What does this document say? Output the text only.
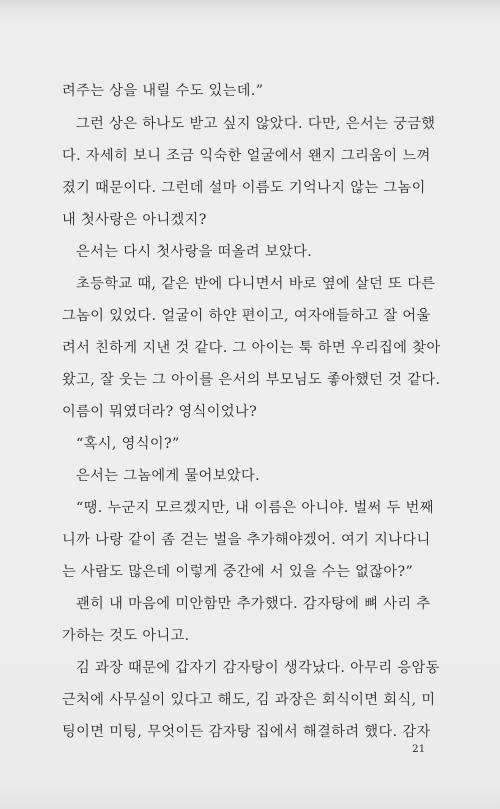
려주는 상을 내릴 수도 있는데.”
그런 상은 하나도 받고 싶지 않았다. 다만, 은서는 궁금했
다. 자세히 보니 조금 익숙한 얼굴에서 왠지 그리움이 느껴
졌기 때문이다. 그런데 설마 이름도 기억나지 않는 그놈이
내 첫사랑은 아니겠지?
은서는 다시 첫사랑을 떠올려 보았다.
초등학교 때, 같은 반에 다니면서 바로 옆에 살던 또 다른
그놈이 있었다. 얼굴이 하얀 편이고, 여자애들하고 잘 어울
려서 친하게 지낸 것 같다. 그 아이는 툭 하면 우리집에 찾아
왔고, 잘 웃는 그 아이를 은서의 부모님도 좋아했던 것 같다.
이름이 뭐였더라? 영식이었나?
“혹시, 영식이?”
은서는 그놈에게 물어보았다.
“땡. 누군지 모르겠지만, 내 이름은 아니야. 벌써 두 번째
니까 나랑 같이 좀 걷는 벌을 추가해야겠어. 여기 지나다니
는 사람도 많은데 이렇게 중간에 서 있을 수는 없잖아?”
괜히 내 마음에 미안함만 추가했다. 감자탕에 뼈 사리 추
가하는 것도 아니고.
김 과장 때문에 갑자기 감자탕이 생각났다. 아무리 응암동
근처에 사무실이 있다고 해도, 김 과장은 회식이면 회식, 미
팅이면 미팅, 무엇이든 감자탕 집에서 해결하려 했다. 감자
21
